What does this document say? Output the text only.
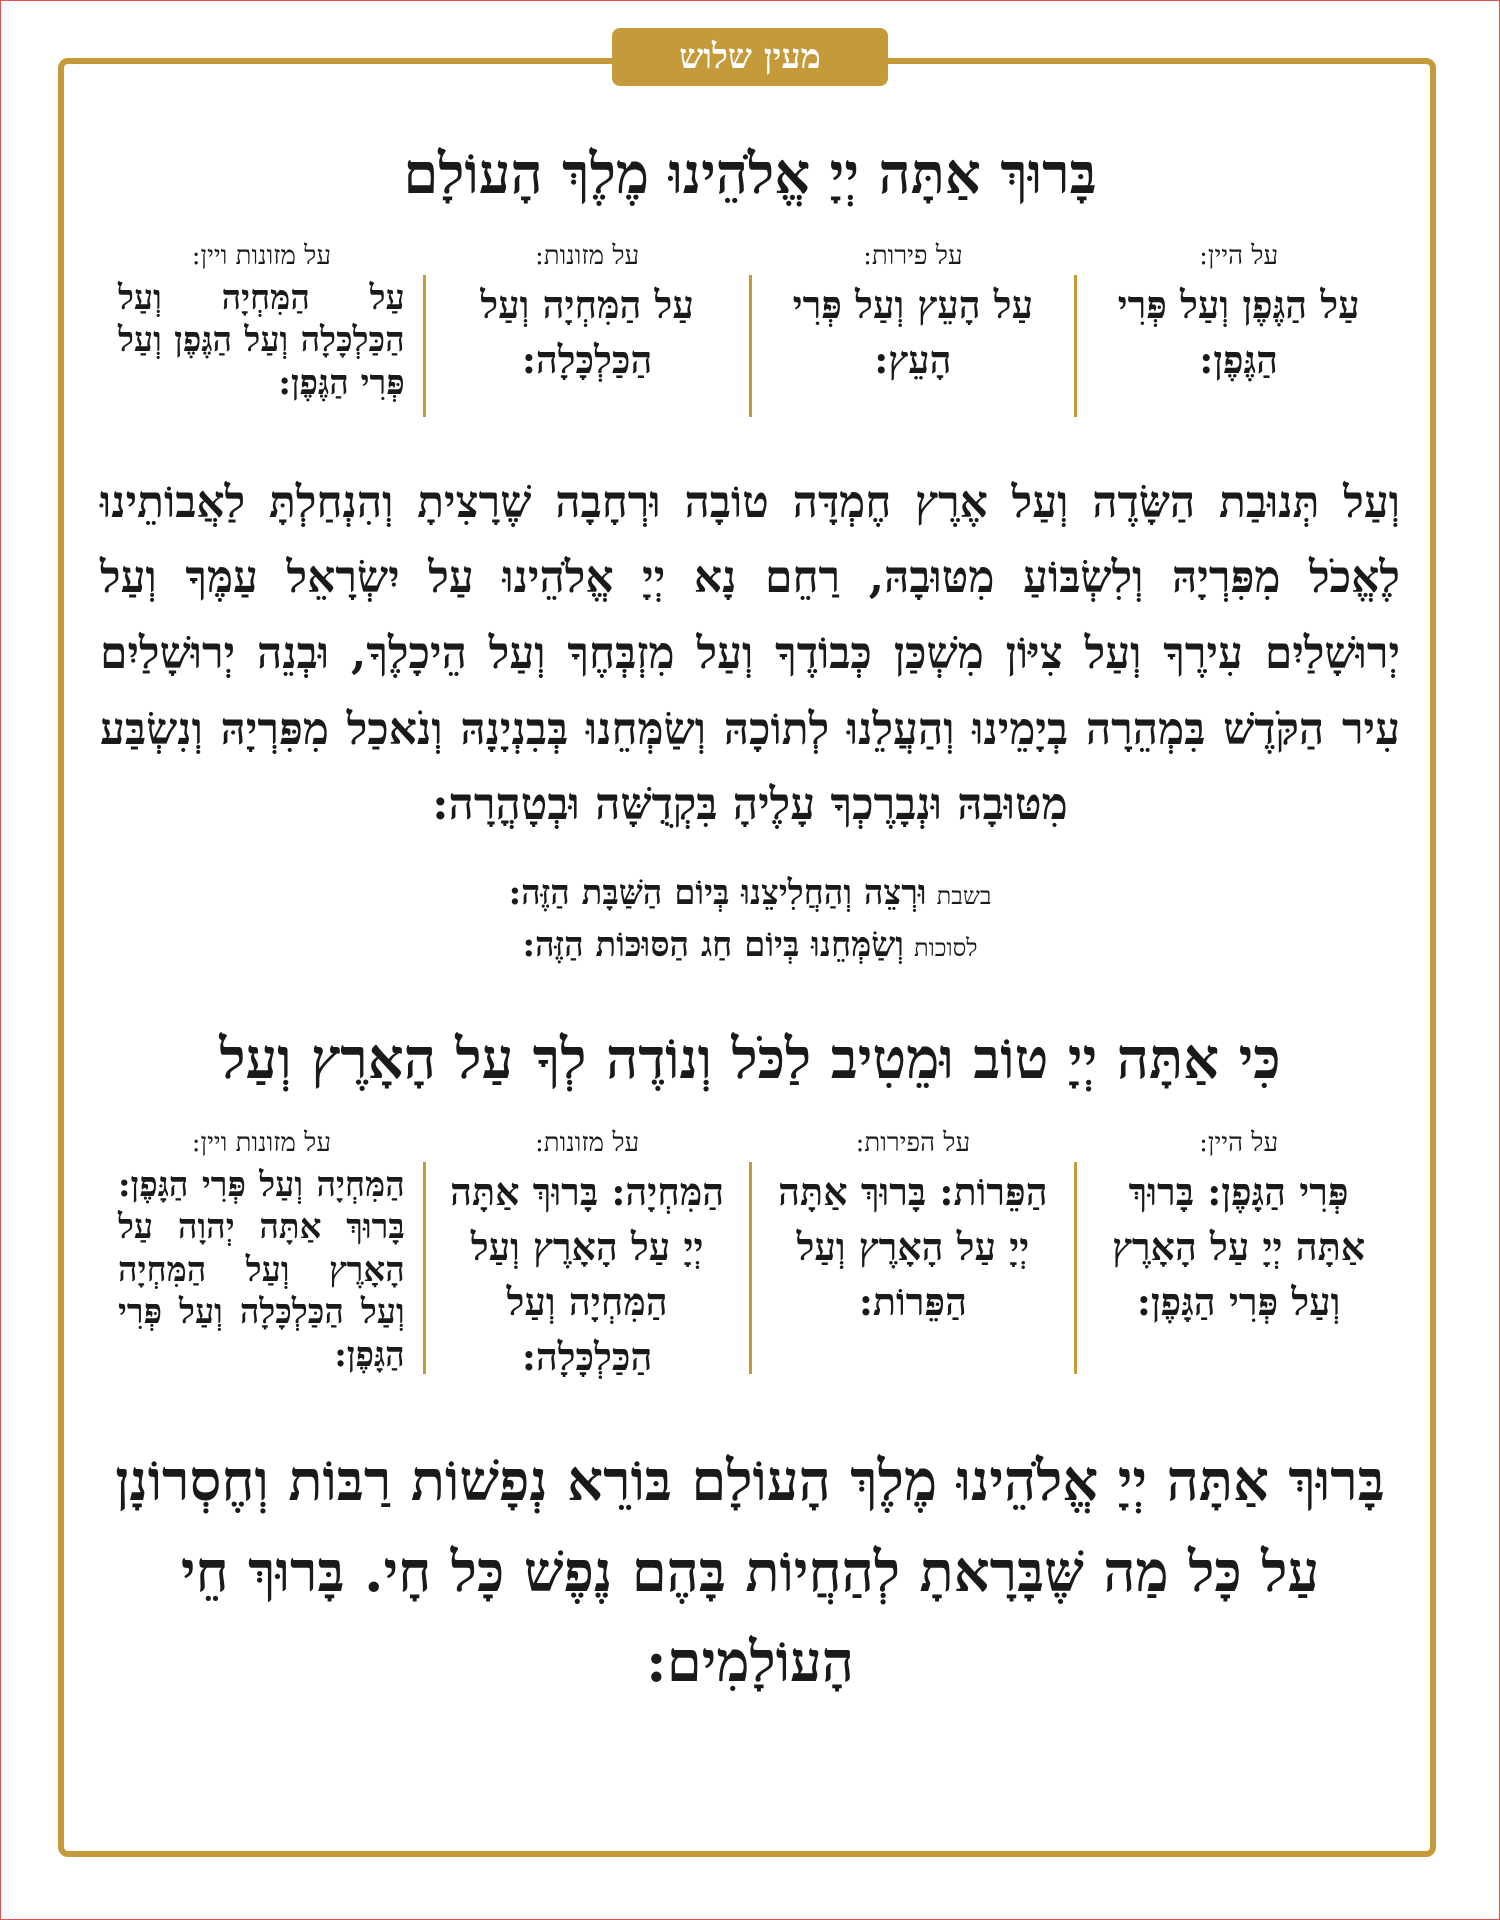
מעין שלוש
בָּרוּךְ אַתָּה יְיָ אֱלֹהֵינוּ מֶלֶךְ הָעוֹלָם
על היין:
עַל הַגֶּפֶן וְעַל פְּרִי הַגֶּפֶן:
על פירות:
עַל הָעֵץ וְעַל פְּרִי הָעֵץ:
על מזונות:
עַל הַמִּחְיָה וְעַל הַכַּלְכָּלָה:
על מזונות ויין:
עַל הַמִּחְיָה וְעַל הַכַּלְכָּלָה וְעַל הַגֶּפֶן וְעַל פְּרִי הַגֶּפֶן:
וְעַל תְּנוּבַת הַשָּׂדֶה וְעַל אֶרֶץ חֶמְדָּה טוֹבָה וּרְחָבָה שֶׁרָצִיתָ וְהִנְחַלְתָּ לַאֲבוֹתֵינוּ לֶאֱכֹל מִפִּרְיָהּ וְלִשְׂבּוֹעַ מִטּוּבָהּ, רַחֵם נָא יְיָ אֱלֹהֵינוּ עַל יִשְׂרָאֵל עַמֶּךָ וְעַל יְרוּשָׁלַיִם עִירֶךָ וְעַל צִיּוֹן מִשְׁכַּן כְּבוֹדֶךָ וְעַל מִזְבְּחֶךָ וְעַל הֵיכָלֶךָ, וּבְנֵה יְרוּשָׁלַיִם עִיר הַקֹּדֶשׁ בִּמְהֵרָה בְיָמֵינוּ וְהַעֲלֵנוּ לְתוֹכָהּ וְשַׂמְּחֵנוּ בְּבִנְיָנָהּ וְנֹאכַל מִפִּרְיָהּ וְנִשְׂבַּע מִטּוּבָהּ וּנְבָרֶכְךָ עָלֶיהָ בִּקְדֻשָּׁה וּבְטָהֳרָה:
בשבת
וּרְצֵה וְהַחֲלִיצֵנוּ בְּיוֹם הַשַּׁבָּת הַזֶּה:
לסוכות
וְשַׂמְּחֵנוּ בְּיוֹם חַג הַסּוּכּוֹת הַזֶּה:
כִּי אַתָּה יְיָ טוֹב וּמֵטִיב לַכֹּל וְנוֹדֶה לְךָ עַל הָאָרֶץ וְעַל
על היין:
פְּרִי הַגָּפֶן: בָּרוּךְ אַתָּה יְיָ עַל הָאָרֶץ וְעַל פְּרִי הַגָּפֶן:
על הפירות:
הַפֵּרוֹת: בָּרוּךְ אַתָּה יְיָ עַל הָאָרֶץ וְעַל הַפֵּרוֹת:
על מזונות:
הַמִּחְיָה: בָּרוּךְ אַתָּה יְיָ עַל הָאָרֶץ וְעַל הַמִּחְיָה וְעַל הַכַּלְכָּלָה:
על מזונות ויין:
הַמִּחְיָה וְעַל פְּרִי הַגָּפֶן: בָּרוּךְ אַתָּה יְהוָה עַל הָאָרֶץ וְעַל הַמִּחְיָה וְעַל הַכַּלְכָּלָה וְעַל פְּרִי הַגָּפֶן:
בָּרוּךְ אַתָּה יְיָ אֱלֹהֵינוּ מֶלֶךְ הָעוֹלָם בּוֹרֵא נְפָשׁוֹת רַבּוֹת וְחֶסְרוֹנָן עַל כָּל מַה שֶּׁבָּרָאתָ לְהַחֲיוֹת בָּהֶם נֶפֶשׁ כָּל חָי. בָּרוּךְ חֵי הָעוֹלָמִים:
